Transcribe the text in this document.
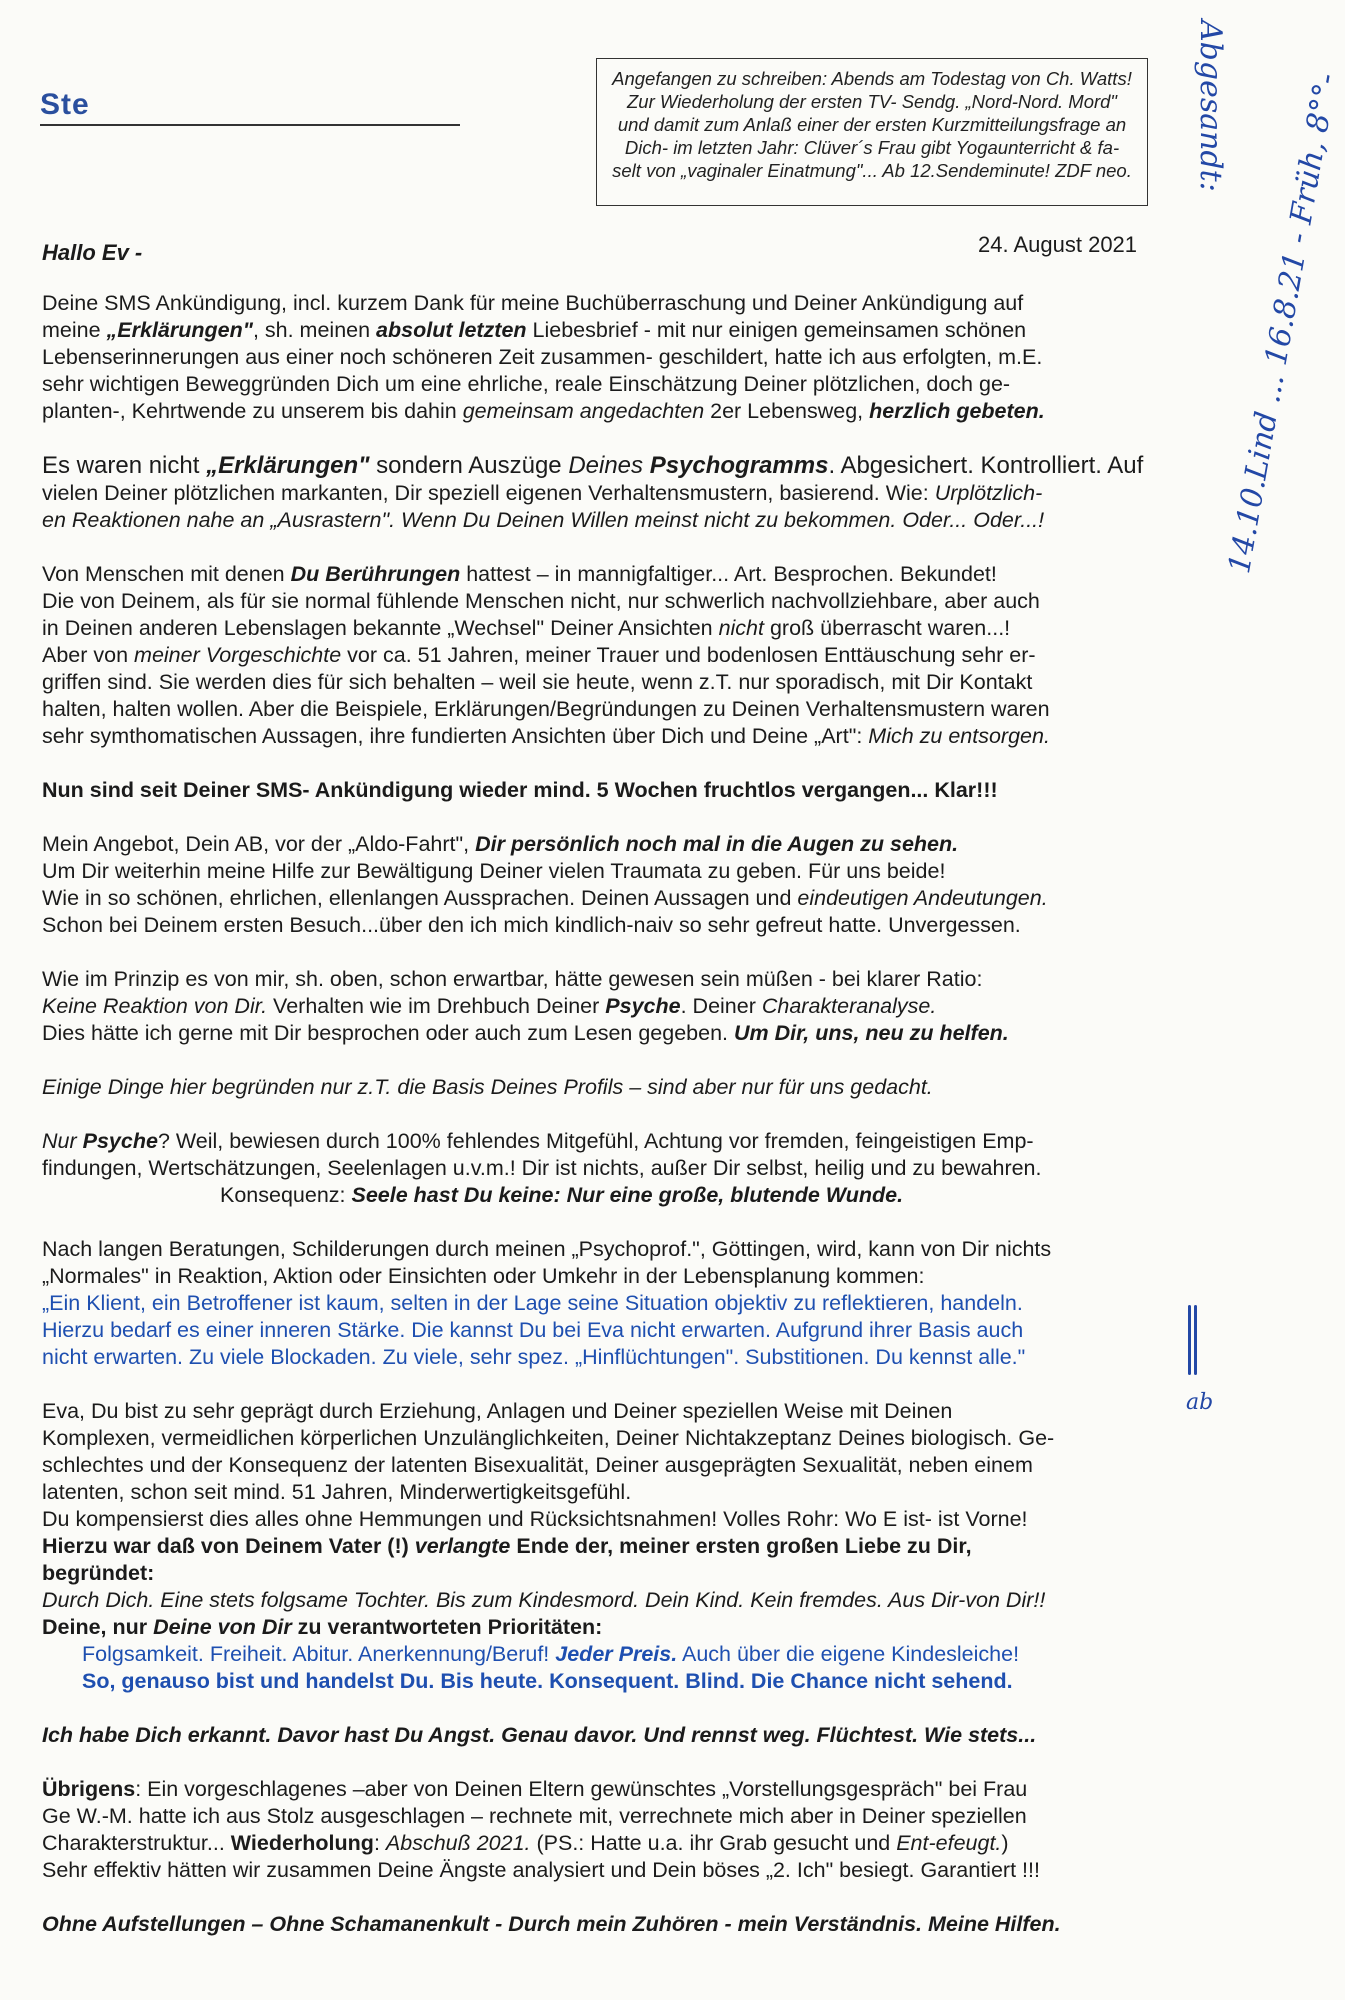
Ste
Angefangen zu schreiben: Abends am Todestag von Ch. Watts!
Zur Wiederholung der ersten TV- Sendg. „Nord-Nord. Mord"
und damit zum Anlaß einer der ersten Kurzmitteilungsfrage an
Dich- im letzten Jahr: Clüver´s Frau gibt Yogaunterricht & fa-
selt von „vaginaler Einatmung"... Ab 12.Sendeminute! ZDF neo. Abgesandt:
14.10.Lind ... 16.8.21 - Früh, 8°°-
ab
Hallo Ev -	24. August 2021
Deine SMS Ankündigung, incl. kurzem Dank für meine Buchüberraschung und Deiner Ankündigung auf
meine „Erklärungen", sh. meinen absolut letzten Liebesbrief - mit nur einigen gemeinsamen schönen
Lebenserinnerungen aus einer noch schöneren Zeit zusammen- geschildert, hatte ich aus erfolgten, m.E.
sehr wichtigen Beweggründen Dich um eine ehrliche, reale Einschätzung Deiner plötzlichen, doch ge-
planten-, Kehrtwende zu unserem bis dahin gemeinsam angedachten 2er Lebensweg, herzlich gebeten.
Es waren nicht „Erklärungen" sondern Auszüge Deines Psychogramms. Abgesichert. Kontrolliert. Auf
vielen Deiner plötzlichen markanten, Dir speziell eigenen Verhaltensmustern, basierend. Wie: Urplötzlich-
en Reaktionen nahe an „Ausrastern". Wenn Du Deinen Willen meinst nicht zu bekommen. Oder... Oder...!
Von Menschen mit denen Du Berührungen hattest – in mannigfaltiger... Art. Besprochen. Bekundet!
Die von Deinem, als für sie normal fühlende Menschen nicht, nur schwerlich nachvollziehbare, aber auch
in Deinen anderen Lebenslagen bekannte „Wechsel" Deiner Ansichten nicht groß überrascht waren...!
Aber von meiner Vorgeschichte vor ca. 51 Jahren, meiner Trauer und bodenlosen Enttäuschung sehr er-
griffen sind. Sie werden dies für sich behalten – weil sie heute, wenn z.T. nur sporadisch, mit Dir Kontakt
halten, halten wollen. Aber die Beispiele, Erklärungen/Begründungen zu Deinen Verhaltensmustern waren
sehr symthomatischen Aussagen, ihre fundierten Ansichten über Dich und Deine „Art": Mich zu entsorgen.
Nun sind seit Deiner SMS- Ankündigung wieder mind. 5 Wochen fruchtlos vergangen... Klar!!!
Mein Angebot, Dein AB, vor der „Aldo-Fahrt", Dir persönlich noch mal in die Augen zu sehen.
Um Dir weiterhin meine Hilfe zur Bewältigung Deiner vielen Traumata zu geben. Für uns beide!
Wie in so schönen, ehrlichen, ellenlangen Aussprachen. Deinen Aussagen und eindeutigen Andeutungen.
Schon bei Deinem ersten Besuch...über den ich mich kindlich-naiv so sehr gefreut hatte. Unvergessen.
Wie im Prinzip es von mir, sh. oben, schon erwartbar, hätte gewesen sein müßen - bei klarer Ratio:
Keine Reaktion von Dir. Verhalten wie im Drehbuch Deiner Psyche. Deiner Charakteranalyse.
Dies hätte ich gerne mit Dir besprochen oder auch zum Lesen gegeben. Um Dir, uns, neu zu helfen.
Einige Dinge hier begründen nur z.T. die Basis Deines Profils – sind aber nur für uns gedacht.
Nur Psyche? Weil, bewiesen durch 100% fehlendes Mitgefühl, Achtung vor fremden, feingeistigen Emp-
findungen, Wertschätzungen, Seelenlagen u.v.m.! Dir ist nichts, außer Dir selbst, heilig und zu bewahren.
Konsequenz: Seele hast Du keine: Nur eine große, blutende Wunde.
Nach langen Beratungen, Schilderungen durch meinen „Psychoprof.", Göttingen, wird, kann von Dir nichts
„Normales" in Reaktion, Aktion oder Einsichten oder Umkehr in der Lebensplanung kommen:
„Ein Klient, ein Betroffener ist kaum, selten in der Lage seine Situation objektiv zu reflektieren, handeln.
Hierzu bedarf es einer inneren Stärke. Die kannst Du bei Eva nicht erwarten. Aufgrund ihrer Basis auch
nicht erwarten. Zu viele Blockaden. Zu viele, sehr spez. „Hinflüchtungen". Substitionen. Du kennst alle."
Eva, Du bist zu sehr geprägt durch Erziehung, Anlagen und Deiner speziellen Weise mit Deinen
Komplexen, vermeidlichen körperlichen Unzulänglichkeiten, Deiner Nichtakzeptanz Deines biologisch. Ge-
schlechtes und der Konsequenz der latenten Bisexualität, Deiner ausgeprägten Sexualität, neben einem
latenten, schon seit mind. 51 Jahren, Minderwertigkeitsgefühl.
Du kompensierst dies alles ohne Hemmungen und Rücksichtsnahmen! Volles Rohr: Wo E ist- ist Vorne!
Hierzu war daß von Deinem Vater (!) verlangte Ende der, meiner ersten großen Liebe zu Dir,
begründet:
Durch Dich. Eine stets folgsame Tochter. Bis zum Kindesmord. Dein Kind. Kein fremdes. Aus Dir-von Dir!!
Deine, nur Deine von Dir zu verantworteten Prioritäten:
Folgsamkeit. Freiheit. Abitur. Anerkennung/Beruf! Jeder Preis. Auch über die eigene Kindesleiche!
So, genauso bist und handelst Du. Bis heute. Konsequent. Blind. Die Chance nicht sehend.
Ich habe Dich erkannt. Davor hast Du Angst. Genau davor. Und rennst weg. Flüchtest. Wie stets...
Übrigens: Ein vorgeschlagenes –aber von Deinen Eltern gewünschtes „Vorstellungsgespräch" bei Frau
Ge W.-M. hatte ich aus Stolz ausgeschlagen – rechnete mit, verrechnete mich aber in Deiner speziellen
Charakterstruktur... Wiederholung: Abschuß 2021. (PS.: Hatte u.a. ihr Grab gesucht und Ent-efeugt.)
Sehr effektiv hätten wir zusammen Deine Ängste analysiert und Dein böses „2. Ich" besiegt. Garantiert !!!
Ohne Aufstellungen – Ohne Schamanenkult - Durch mein Zuhören - mein Verständnis. Meine Hilfen.
